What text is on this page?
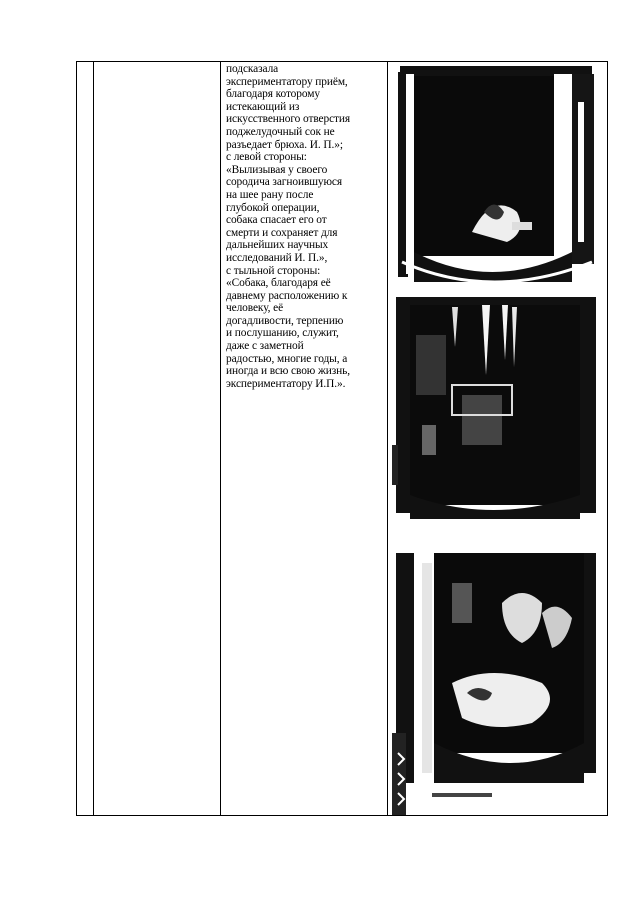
подсказала
экспериментатору приём,
благодаря которому
истекающий из
искусственного отверстия
поджелудочный сок не
разъедает брюха. И. П.»;
с левой стороны:
«Вылизывая у своего
сородича загноившуюся
на шее рану после
глубокой операции,
собака спасает его от
смерти и сохраняет для
дальнейших научных
исследований И. П.»,
с тыльной стороны:
«Собака, благодаря её
давнему расположению к
человеку, её
догадливости, терпению
и послушанию, служит,
даже с заметной
радостью, многие годы, а
иногда и всю свою жизнь,
экспериментатору И.П.».
